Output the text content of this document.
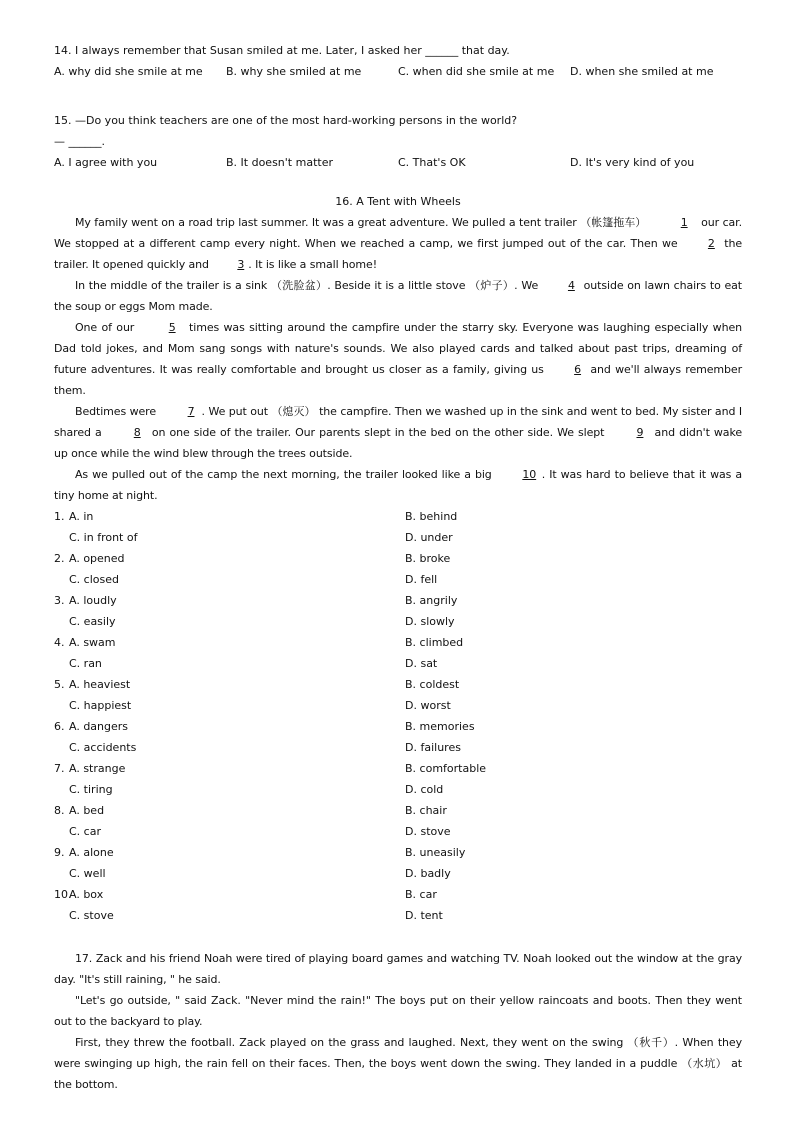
14. I always remember that Susan smiled at me. Later, I asked her ______ that day.
A. why did she smile at me	B. why she smiled at me	C. when did she smile at me	D. when she smiled at me
15. —Do you think teachers are one of the most hard-working persons in the world?
— ______.
A. I agree with you	B. It doesn't matter	C. That's OK	D. It's very kind of you
16. A Tent with Wheels
My family went on a road trip last summer. It was a great adventure. We pulled a tent trailer （帐篷拖车）	1 our car. We stopped at a different camp every night. When we reached a camp, we first jumped out of the car. Then we 2 the trailer. It opened quickly and 3 . It is like a small home!
In the middle of the trailer is a sink （洗脸盆）. Beside it is a little stove （炉子）. We 4 outside on lawn chairs to eat the soup or eggs Mom made.
One of our	5 times was sitting around the campfire under the starry sky. Everyone was laughing especially when Dad told jokes, and Mom sang songs with nature's sounds. We also played cards and talked about past trips, dreaming of future adventures. It was really comfortable and brought us closer as a family, giving us 6 and we'll always remember them.
Bedtimes were	7 . We put out （熄灭） the campfire. Then we washed up in the sink and went to bed. My sister and I shared a	8 on one side of the trailer. Our parents slept in the bed on the other side. We slept	9 and didn't wake up once while the wind blew through the trees outside.
As we pulled out of the camp the next morning, the trailer looked like a big 10 . It was hard to believe that it was a tiny home at night.
1. A. in	B. behind
C. in front of	D. under
2. A. opened	B. broke
C. closed	D. fell
3. A. loudly	B. angrily
C. easily	D. slowly
4. A. swam	B. climbed
C. ran	D. sat
5. A. heaviest	B. coldest
C. happiest	D. worst
6. A. dangers	B. memories
C. accidents	D. failures
7. A. strange	B. comfortable
C. tiring	D. cold
8. A. bed	B. chair
C. car	D. stove
9. A. alone	B. uneasily
C. well	D. badly
10.
A. box	B. car
C. stove	D. tent
17. Zack and his friend Noah were tired of playing board games and watching TV. Noah looked out the window at the gray day. "It's still raining, " he said.
"Let's go outside, " said Zack. "Never mind the rain!" The boys put on their yellow raincoats and boots. Then they went out to the backyard to play.
First, they threw the football. Zack played on the grass and laughed. Next, they went on the swing （秋千）. When they were swinging up high, the rain fell on their faces. Then, the boys went down the swing. They landed in a puddle （水坑） at the bottom.
